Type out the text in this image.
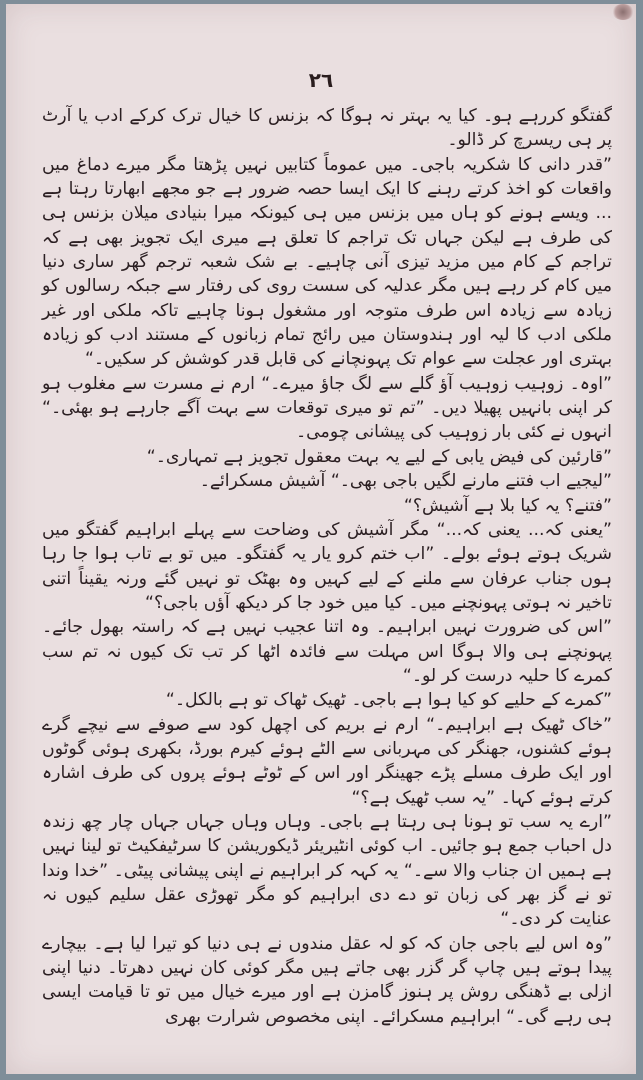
٢٦

گفتگو کررہے ہو۔ کیا یہ بہتر نہ ہوگا کہ بزنس کا خیال ترک کرکے ادب یا آرٹ پر ہی ریسرچ کر ڈالو۔

”قدر دانی کا شکریہ باجی۔ میں عموماً کتابیں نہیں پڑھتا مگر میرے دماغ میں واقعات کو اخذ کرتے رہنے کا ایک ایسا حصہ ضرور ہے جو مجھے ابھارتا رہتا ہے ... ویسے ہونے کو ہاں میں بزنس میں ہی کیونکہ میرا بنیادی میلان بزنس ہی کی طرف ہے لیکن جہاں تک تراجم کا تعلق ہے میری ایک تجویز بھی ہے کہ تراجم کے کام میں مزید تیزی آنی چاہیے۔ بے شک شعبہ ترجم گھر ساری دنیا میں کام کر رہے ہیں مگر عدلیہ کی سست روی کی رفتار سے جبکہ رسالوں کو زیادہ سے زیادہ اس طرف متوجہ اور مشغول ہونا چاہیے تاکہ ملکی اور غیر ملکی ادب کا لیہ اور ہندوستان میں رائج تمام زبانوں کے مستند ادب کو زیادہ بہتری اور عجلت سے عوام تک پہونچانے کی قابل قدر کوشش کر سکیں۔“

”اوہ۔ زوہیب زوہیب آؤ گلے سے لگ جاؤ میرے۔“ ارم نے مسرت سے مغلوب ہو کر اپنی بانہیں پھیلا دیں۔ ”تم تو میری توقعات سے بہت آگے جارہے ہو بھئی۔“ انہوں نے کئی بار زوہیب کی پیشانی چومی۔

”قارئین کی فیض یابی کے لیے یہ بہت معقول تجویز ہے تمہاری۔“

”لیجیے اب فتنے مارنے لگیں باجی بھی۔“ آشیش مسکرائے۔

”فتنے؟ یہ کیا بلا ہے آشیش؟“

”یعنی کہ... یعنی کہ...“ مگر آشیش کی وضاحت سے پہلے ابراہیم گفتگو میں شریک ہوتے ہوئے بولے۔ ”اب ختم کرو یار یہ گفتگو۔ میں تو بے تاب ہوا جا رہا ہوں جناب عرفان سے ملنے کے لیے کہیں وہ بھٹک تو نہیں گئے ورنہ یقیناً اتنی تاخیر نہ ہوتی پہونچنے میں۔ کیا میں خود جا کر دیکھ آؤں باجی؟“

”اس کی ضرورت نہیں ابراہیم۔ وہ اتنا عجیب نہیں ہے کہ راستہ بھول جائے۔ پہونچنے ہی والا ہوگا اس مہلت سے فائدہ اٹھا کر تب تک کیوں نہ تم سب کمرے کا حلیہ درست کر لو۔“

”کمرے کے حلیے کو کیا ہوا ہے باجی۔ ٹھیک ٹھاک تو ہے بالکل۔“

”خاک ٹھیک ہے ابراہیم۔“ ارم نے بریم کی اچھل کود سے صوفے سے نیچے گرے ہوئے کشنوں، جھنگر کی مہربانی سے الٹے ہوئے کیرم بورڈ، بکھری ہوئی گوٹوں اور ایک طرف مسلے پڑے جھینگر اور اس کے ٹوٹے ہوئے پروں کی طرف اشارہ کرتے ہوئے کہا۔ ”یہ سب ٹھیک ہے؟“

”ارے یہ سب تو ہونا ہی رہتا ہے باجی۔ وہاں وہاں جہاں جہاں چار چھ زندہ دل احباب جمع ہو جائیں۔ اب کوئی انٹیریئر ڈیکوریشن کا سرٹیفکیٹ تو لینا نہیں ہے ہمیں ان جناب والا سے۔“ یہ کہہ کر ابراہیم نے اپنی پیشانی پیٹی۔ ”خدا وندا تو نے گز بھر کی زبان تو دے دی ابراہیم کو مگر تھوڑی عقل سلیم کیوں نہ عنایت کر دی۔“

”وہ اس لیے باجی جان کہ کو لہ عقل مندوں نے ہی دنیا کو تیرا لیا ہے۔ بیچارے پیدا ہوتے ہیں چاپ گر گزر بھی جاتے ہیں مگر کوئی کان نہیں دھرتا۔ دنیا اپنی ازلی بے ڈھنگی روش پر ہنوز گامزن ہے اور میرے خیال میں تو تا قیامت ایسی ہی رہے گی۔“ ابراہیم مسکرائے۔ اپنی مخصوص شرارت بھری
